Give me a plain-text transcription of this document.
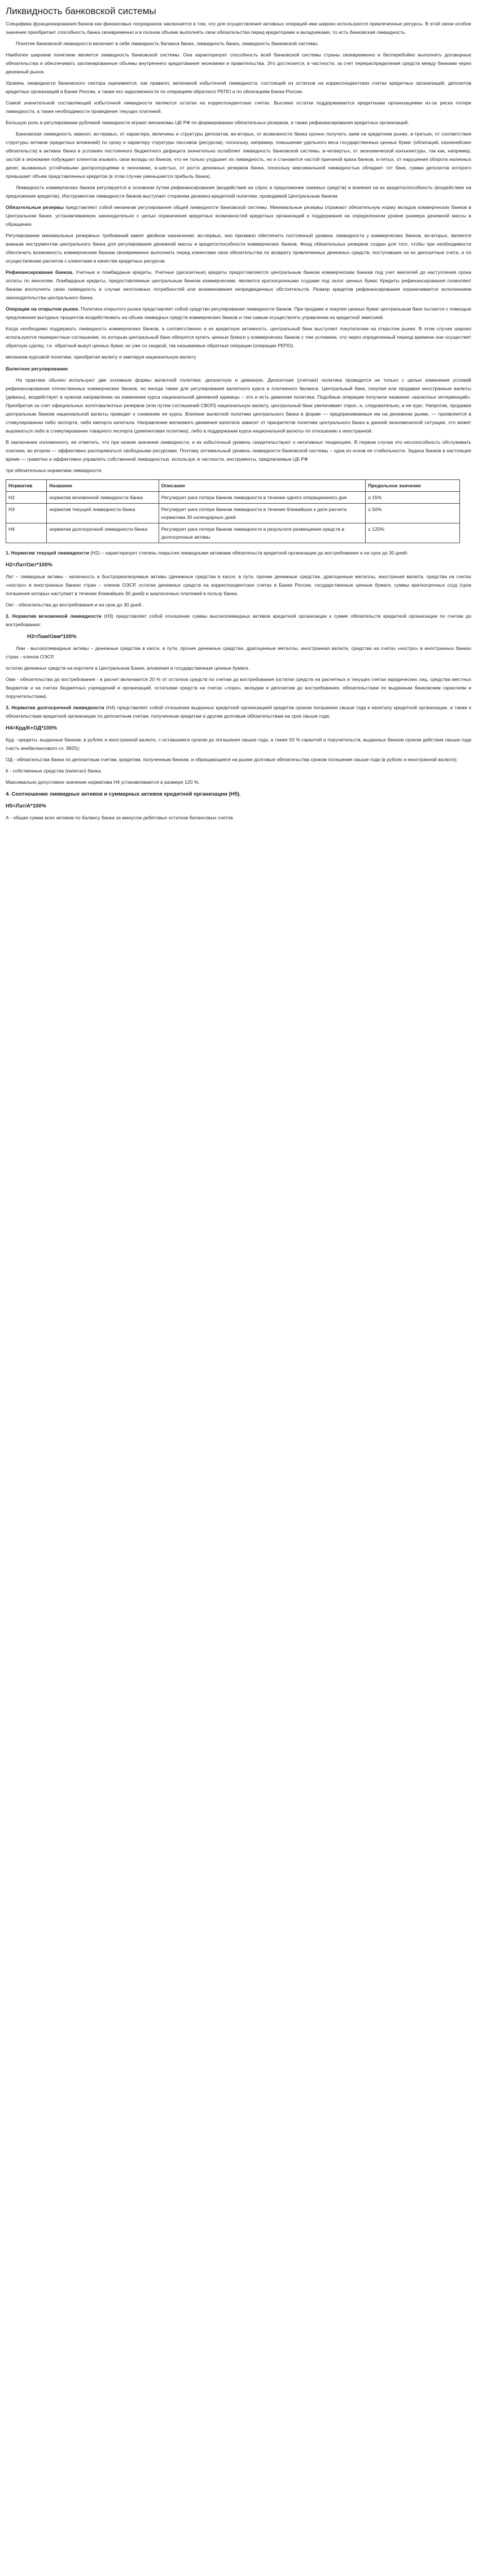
Ликвидность банковской системы

Специфика функционирования банков как финансовых посредников заключается в том, что для осуществления активных операций ими широко используются привлеченные ресурсы. В этой связи особое значение приобретает способность банка своевременно и в полном объеме выполнять свои обязательства перед кредиторами и вкладчиками, то есть банковская ликвидность.

Понятие банковской ликвидности включает в себя ликвидность баланса банка, ликвидность банка, ликвидность банковской системы.

Наиболее широким понятием является ликвидность банковской системы. Она характеризует способность всей банковской системы страны своевременно и бесперебойно выполнять договорные обязательства и обеспечивать запланированные объемы внутреннего кредитования экономики и правительства. Это достигается, в частности, за счет перераспределения средств между банками через денежный рынок.

Уровень ликвидности банковского сектора оценивается, как правило, величиной избыточной ликвидности, состоящей из остатков на корреспондентских счетах кредитных организаций, депозитов кредитных организаций в Банке России, а также его задолженности по операциям обратного РЕПО и по облигациям Банка России.

Самой значительной составляющей избыточной ликвидности являются остатки на корреспондентских счетах. Высокие остатки поддерживаются кредитными организациями из-за риска потери ликвидности, а также необходимости проведения текущих платежей.

Большую роль в регулировании рублевой ликвидности играют механизмы ЦБ РФ по формированию обязательных резервов, а также рефинансирования кредитных организаций.

Банковская ликвидность зависит, во-первых, от характера, величины и структуры депозитов, во-вторых, от возможности банка срочно получить заем на кредитном рынке, в-третьих, от соответствия структуры активов (кредитных вложений) по сроку и характеру структуры пассивов (ресурсов), поскольку, например, повышение удельного веса государственных ценных бумаг (облигаций, казначейских обязательств) в активах банка в условиях постоянного бюджетного дефицита значительно ослабляет ликвидность банковской системы, в-четвертых, от экономической конъюнктуры, так как, например, застой в экономике побуждает клиентов изымать свои вклады из банков, что не только ухудшает их ликвидность, но и становится частой причиной краха банков, в-пятых, от нарушения оборота наличных денег, вызванных устойчивыми диспропорциями в экономике, в-шестых, от роста денежных резервов банка, поскольку максимальной ликвидностью обладает тот банк, сумма депозитов которого превышает объем представленных кредитов (в этом случае уменьшается прибыль банка).

Ликвидность коммерческих банков регулируется в основном путем рефинансирования (воздействие на спрос и предложение заемных средств) и влияния на их кредитоспособность (воздействие на предложение кредитов). Инструментом ликвидности банков выступает стержнем денежно-кредитной политики, проводимой Центральным банком.

Обязательные резервы представляют собой механизм регулирования общей ликвидности банковской системы. Минимальные резервы отражают обязательную норму вкладов коммерческих банков в Центральном банке, устанавливаемую законодательно с целью ограничения кредитных возможностей кредитных организаций и поддержания на определенном уровне размера денежной массы в обращении.

Регулирование минимальных резервных требований имеет двойное назначение: во-первых, оно призвано обеспечить постоянный уровень ликвидности у коммерческих банков, во-вторых, является важным инструментом центрального банка для регулирования денежной массы и кредитоспособности коммерческих банков. Фонд обязательных резервов создан для того, чтобы при необходимости обеспечить возможность коммерческим банкам своевременно выполнить перед клиентами свои обязательства по возврату привлеченных денежных средств, поступивших на их депозитные счета, и по осуществлению расчетов с клиентами в качестве кредитных ресурсов.

Рефинансирование банков. Учетные и ломбардные кредиты. Учетные (дисконтные) кредиты предоставляются центральным банком коммерческим банкам под учет векселей до наступления срока оплаты по векселям. Ломбардные кредиты, предоставляемые центральным банком коммерческим, являются краткосрочными ссудами под залог ценных бумаг. Кредиты рефинансирования позволяют банкам восполнять свою ликвидность в случае неотложных потребностей или возникновения непредвиденных обстоятельств. Размер кредитов рефинансирования ограничивается исполнением законодательства центрального банка.

Операции на открытом рынке. Политика открытого рынка представляет собой средство регулирования ликвидности банков. При продаже и покупке ценных бумаг центральным банк пытается с помощью предложения выгодных процентов воздействовать на объем ликвидных средств коммерческих банков и тем самым осуществлять управление их кредитной эмиссией.

Когда необходимо поддержать ликвидность коммерческих банков, а соответственно и их кредитную активность, центральный банк выступает покупателем на открытом рынке. В этом случае широко используются перекрестные соглашения, по которым центральный банк обязуется купить ценные бумаги у коммерческих банков с тем условием, что через определенный период времени они осуществят обратную сделку, т.е. обратный выкуп ценных бумаг, но уже со скидкой, так называемые обратные операции (операции РЕПО).

механизм курсовой политики, приобретая валюту и эмитируя национальную валюту

Валютное регулирование

На практике обычно используют две основные формы валютной политики: дисконтную и девизную. Дисконтная (учетная) политика проводится не только с целью изменения условий рефинансирования отечественных коммерческих банков, но иногда также для регулирования валютного курса и платежного баланса. Центральный банк, покупая или продавая иностранные валюты (девизы), воздействует в нужном направлении на изменение курса национальной денежной единицы – это и есть девизная политика. Подобные операции получили название «валютных интервенций». Приобретая за счет официальных золотовалютных резервов (или путем соглашений СВОП) национальную валюту, центральный банк увеличивает спрос, и, следовательно, и ее курс. Напротив, продавая центральным банком национальной валюты приводит к снижению ее курса. Влияние валютной политики центрального банка в форме — предпринимаемые им на денежном рынке, — проявляется в стимулировании либо экспорта, либо импорта капитала. Направление желаемого движения капитала зависит от приоритетов политики центрального банка в данной экономической ситуации, что может выражаться либо в стимулировании товарного экспорта (демпинговая политика), либо в поддержании курса национальной валюты по отношению к иностранной.

В заключение изложенного, ее отметить, что при низкие значения ликвидности, и их избыточный уровень свидетельствуют о негативных тенденциях. В первом случае это несопособность обслуживать платежи, во втором — эффективно распоряжаться свободными ресурсами. Поэтому оптимальный уровень ликвидности банковской системы – одна из основ ее стабильности. Задача банков в настоящее время — грамотно и эффективно управлять собственной ликвидностью, используя, в частности, инструменты, предлагаемые ЦБ РФ

три обязательных норматива ликвидности

Норматив	Название	Описание	Предельное значение
Н2	норматив мгновенной ликвидности банка	Регулирует риск потери банком ликвидности в течение одного операционного дня	≥ 15%
Н3	норматив текущей ликвидности банка	Регулирует риск потери банком ликвидности в течение ближайших к дате расчета норматива 30 календарных дней	≥ 50%
Н4	норматив долгосрочной ликвидности банка	Регулирует риск потери банком ликвидности в результате размещения средств в долгосрочные активы	≤ 120%

1. Норматив текущей ликвидности (Н2) – характеризует степень покрытия ликвидными активами обязательств кредитной организации до востребования и на срок до 30 дней:

Н2=Лат/Овт*100%

Лат – ликвидные активы - наличность и быстрореализуемые активы (денежные средства в кассе, в пути, прочие денежные средства, драгоценные металлы, инострнная валюта, средства на счетах «ностро» в иностранных банках стран – членов ОЭСР, остатки денежных средств на корреспондентских счетах в Банке России, государственные ценные бумаги, суммы краткосрочных ссуд (срок погашения которых наступает в течение ближайших 30 дней) и аналогичных платежей в пользу банка.

Овт - обязательства до востребования и на срок до 30 дней .

2. Норматив мгновенной ликвидности (Н3) представляет собой отношение суммы высоколиквидных активов кредитной организации к сумме обязательств кредитной организации по счетам до востребования:

Н3=Лам/Овм*100%

Лам - высоколиквидные активы – денежные средства в кассе, в пути, прочие денежные средства, драгоценные металлы, иностранная валюта, средства на счетах «ностро» в иностранных банках стран - членов ОЭСР,

остатки денежных средств на корсчете в Центральном Банке, вложения в государственные ценные бумаги.

Овм - обязательства до востребования - в расчет включаются 20 % от остатков средств по счетам до востребования (остатки средств на расчетных и текущих счетах юридических лиц, средства местных бюджетов и на счетах бюджетных учреждений и организаций, остатками средств на счетах «лоро», вкладам и депозитам до востребования, обязательствам по выданным банковским гарантиям и поручительствам).

3. Норматив долгосрочной ликвидности (Н4) представляет собой отношение выданных кредитной организацией кредитов сроком погашения свыше года к капиталу кредитной организации, а также к обязательствам кредитной организации по депозитным счетам, полученным кредитам и другим долговым обязательствам на срок свыше года:

Н4=Крд/К+ОД*100%

Крд - кредиты, выданные банком, в рублях и иностранной валюте, с оставшимся сроком до погашения свыше года, а также 50 % гарантий и поручительств, выданных банком сроком действия свыше года (часть внебалансового сч. 9925);

ОД - обязательства банка по депозитным счетам, кредитам, полученным банком, и обращающиеся на рынке долговые обязательства сроком погашения свыше года (в рублях и иностранной валюте);

К - собственные средства (капитал) банка.

Максимально допустимое значение норматива Н4 устанавливается в размере 120 %.

4. Соотношение ликвидных активов и суммарных активов кредитной организации (Н5).
Н5=Лат/А*100%

А - общая сумма всех активов по балансу банка за минусом дебетовых остатков балансовых счетов.
